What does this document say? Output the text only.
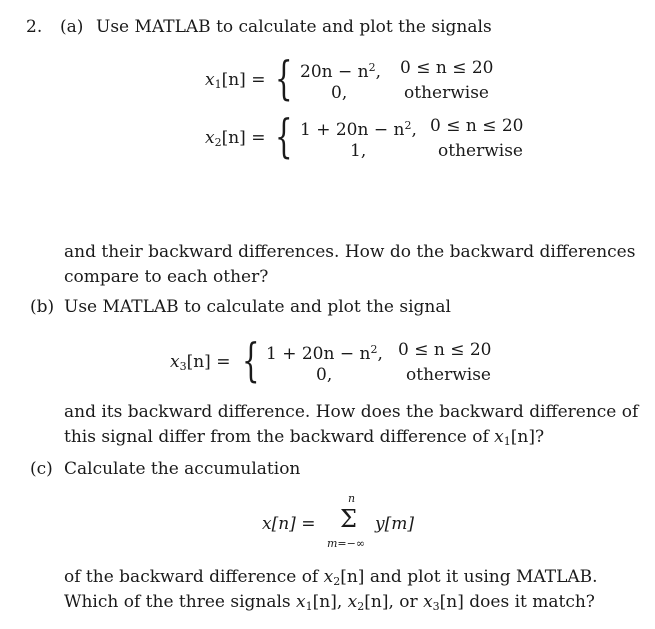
2. (a) Use MATLAB to calculate and plot the signals
$x_1[n]$ = { $20n - n^2$, 0 ≤ n ≤ 20
0,	otherwise
$x_2[n]$ = { $1 + 20n - n^2$, 0 ≤ n ≤ 20
1,	otherwise
and their backward differences. How do the backward differences
compare to each other?
(b) Use MATLAB to calculate and plot the signal
$x_3[n]$ = { $1 + 20n - n^2$, 0 ≤ n ≤ 20
0,	otherwise
and its backward difference. How does the backward difference of
this signal differ from the backward difference of $x_1[n]$?
(c) Calculate the accumulation
x[n] =
n
Σ
m=−∞
y[m]
of the backward difference of $x_2[n]$ and plot it using MATLAB.
Which of the three signals $x_1[n]$, $x_2[n]$, or $x_3[n]$ does it match?
